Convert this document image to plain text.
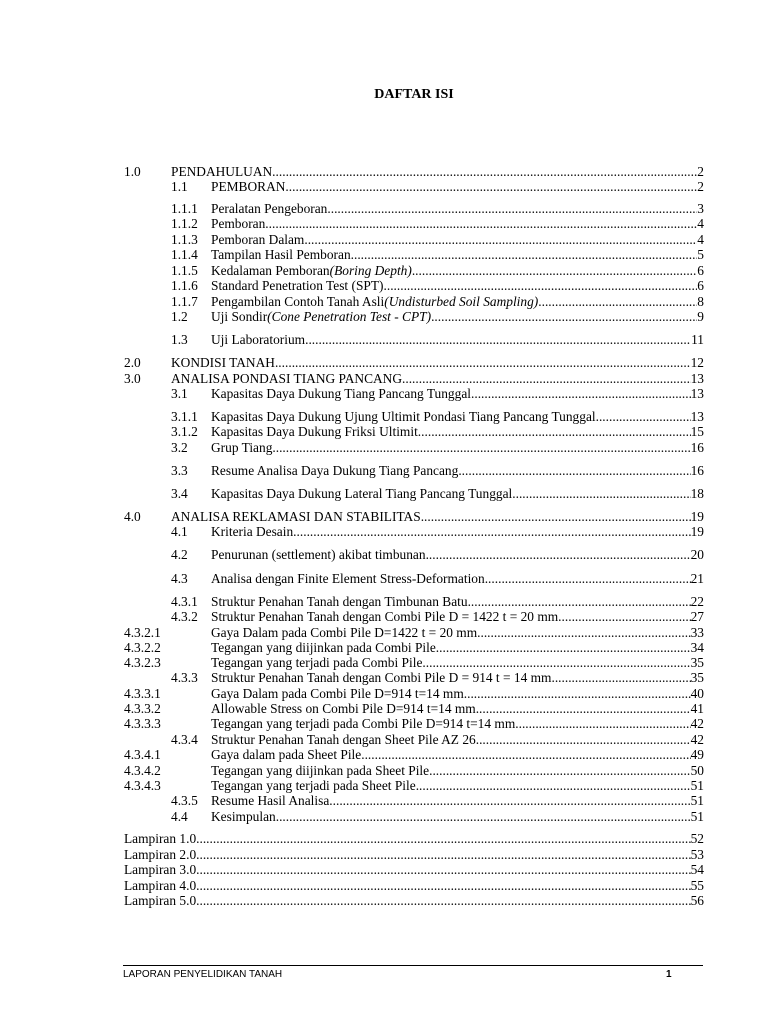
DAFTAR ISI
1.0 PENDAHULUAN .....	2
1.1 PEMBORAN .....	2
1.1.1 Peralatan Pengeboran .....	3
1.1.2 Pemboran .....	4
1.1.3 Pemboran Dalam .....	4
1.1.4 Tampilan Hasil Pemboran .....	5
1.1.5 Kedalaman Pemboran (Boring Depth) .....	6
1.1.6 Standard Penetration Test (SPT) .....	6
1.1.7 Pengambilan Contoh Tanah Asli (Undisturbed Soil Sampling) .....	8
1.2 Uji Sondir (Cone Penetration Test - CPT) .....	9
1.3 Uji Laboratorium .....	11
2.0 KONDISI TANAH .....	12
3.0 ANALISA PONDASI TIANG PANCANG .....	13
3.1 Kapasitas Daya Dukung Tiang Pancang Tunggal .....	13
3.1.1 Kapasitas Daya Dukung Ujung Ultimit Pondasi Tiang Pancang Tunggal .....	13
3.1.2 Kapasitas Daya Dukung Friksi Ultimit .....	15
3.2 Grup Tiang .....	16
3.3 Resume Analisa Daya Dukung Tiang Pancang .....	16
3.4 Kapasitas Daya Dukung Lateral Tiang Pancang Tunggal .....	18
4.0 ANALISA REKLAMASI DAN STABILITAS .....	19
4.1 Kriteria Desain .....	19
4.2 Penurunan (settlement) akibat timbunan .....	20
4.3 Analisa dengan Finite Element Stress-Deformation .....	21
4.3.1 Struktur Penahan Tanah dengan Timbunan Batu .....	22
4.3.2 Struktur Penahan Tanah dengan Combi Pile D = 1422 t = 20 mm .....	27
4.3.2.1	Gaya Dalam pada Combi Pile D=1422 t = 20 mm .....	33
4.3.2.2	Tegangan yang diijinkan pada Combi Pile .....	34
4.3.2.3	Tegangan yang terjadi pada Combi Pile .....	35
4.3.3 Struktur Penahan Tanah dengan Combi Pile D = 914 t = 14 mm .....	35
4.3.3.1	Gaya Dalam pada Combi Pile D=914 t=14 mm .....	40
4.3.3.2	Allowable Stress on Combi Pile D=914 t=14 mm .....	41
4.3.3.3	Tegangan yang terjadi pada Combi Pile D=914 t=14 mm .....	42
4.3.4 Struktur Penahan Tanah dengan Sheet Pile AZ 26 .....	42
4.3.4.1	Gaya dalam pada Sheet Pile .....	49
4.3.4.2	Tegangan yang diijinkan pada Sheet Pile .....	50
4.3.4.3	Tegangan yang terjadi pada Sheet Pile .....	51
4.3.5 Resume Hasil Analisa .....	51
4.4 Kesimpulan .....	51
Lampiran 1.0 .....	52
Lampiran 2.0 .....	53
Lampiran 3.0 .....	54
Lampiran 4.0 .....	55
Lampiran 5.0 .....	56
LAPORAN PENYELIDIKAN TANAH	1
